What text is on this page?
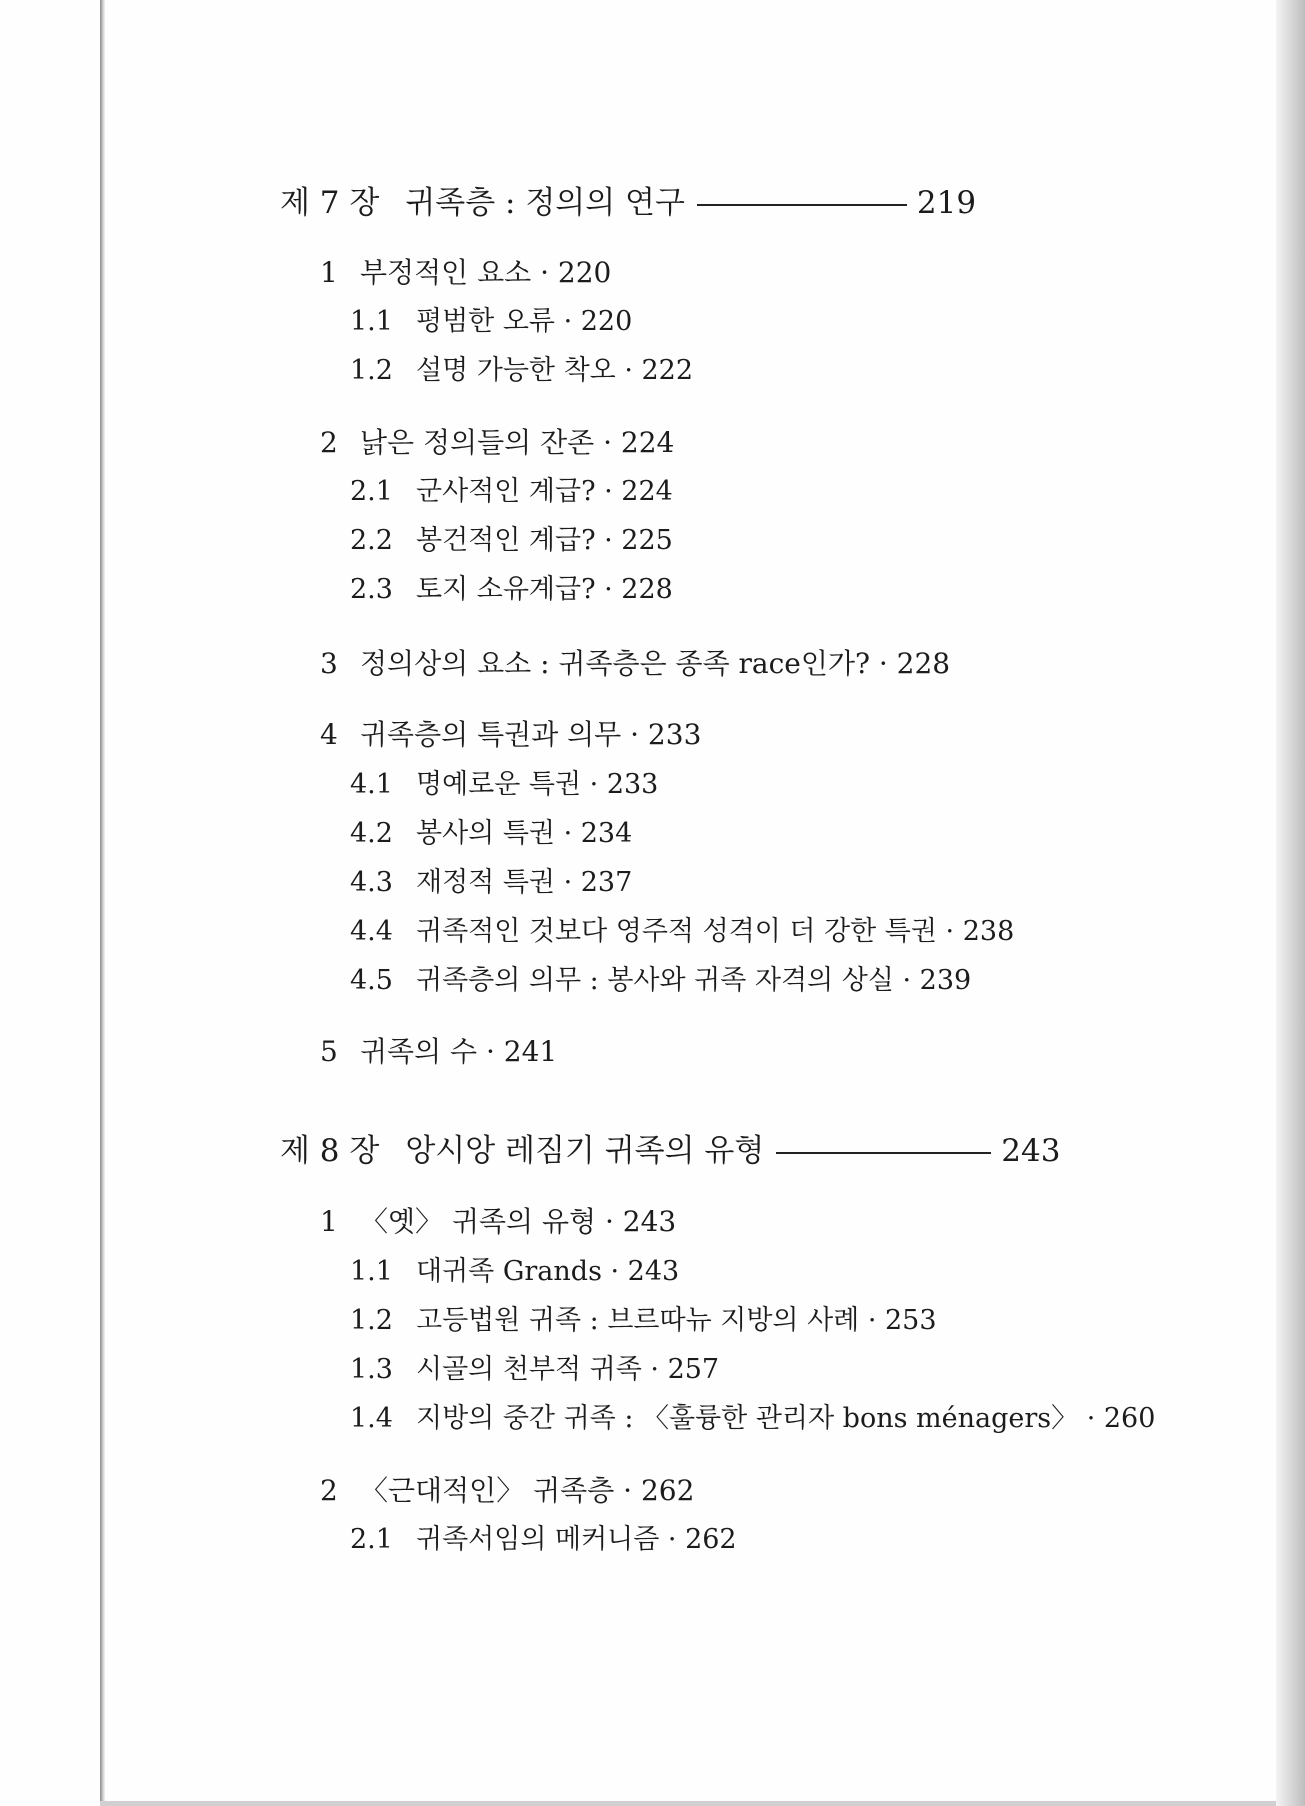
제 7 장 귀족층 : 정의의 연구	219
1 부정적인 요소 · 220
1.1 평범한 오류 · 220
1.2 설명 가능한 착오 · 222
2 낡은 정의들의 잔존 · 224
2.1 군사적인 계급? · 224
2.2 봉건적인 계급? · 225
2.3 토지 소유계급? · 228
3 정의상의 요소 : 귀족층은 종족 race인가? · 228
4 귀족층의 특권과 의무 · 233
4.1 명예로운 특권 · 233
4.2 봉사의 특권 · 234
4.3 재정적 특권 · 237
4.4 귀족적인 것보다 영주적 성격이 더 강한 특권 · 238
4.5 귀족층의 의무 : 봉사와 귀족 자격의 상실 · 239
5 귀족의 수 · 241
제 8 장 앙시앙 레짐기 귀족의 유형	243
1 〈옛〉 귀족의 유형 · 243
1.1 대귀족 Grands · 243
1.2 고등법원 귀족 : 브르따뉴 지방의 사례 · 253
1.3 시골의 천부적 귀족 · 257
1.4 지방의 중간 귀족 : 〈훌륭한 관리자 bons ménagers〉 · 260
2 〈근대적인〉 귀족층 · 262
2.1 귀족서임의 메커니즘 · 262
